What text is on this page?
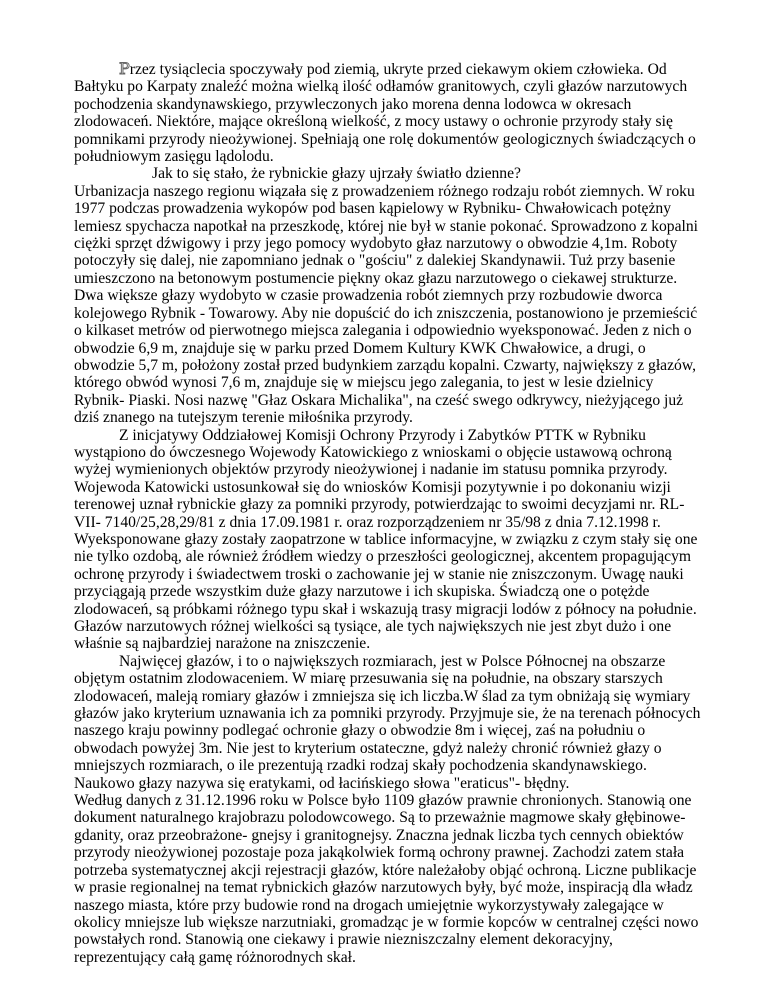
Przez tysiąclecia spoczywały pod ziemią, ukryte przed ciekawym okiem człowieka. Od Bałtyku po Karpaty znaleźć można wielką ilość odłamów granitowych, czyli głazów narzutowych pochodzenia skandynawskiego, przywleczonych jako morena denna lodowca w okresach zlodowaceń. Niektóre, mające określoną wielkość, z mocy ustawy o ochronie przyrody stały się pomnikami przyrody nieożywionej. Spełniają one rolę dokumentów geologicznych świadczących o południowym zasięgu lądolodu.

Jak to się stało, że rybnickie głazy ujrzały światło dzienne?

Urbanizacja naszego regionu wiązała się z prowadzeniem różnego rodzaju robót ziemnych. W roku 1977 podczas prowadzenia wykopów pod basen kąpielowy w Rybniku- Chwałowicach potężny lemiesz spychacza napotkał na przeszkodę, której nie był w stanie pokonać. Sprowadzono z kopalni ciężki sprzęt dźwigowy i przy jego pomocy wydobyto głaz narzutowy o obwodzie 4,1m. Roboty potoczyły się dalej, nie zapomniano jednak o "gościu" z dalekiej Skandynawii. Tuż przy basenie umieszczono na betonowym postumencie piękny okaz głazu narzutowego o ciekawej strukturze. Dwa większe głazy wydobyto w czasie prowadzenia robót ziemnych przy rozbudowie dworca kolejowego Rybnik - Towarowy. Aby nie dopuścić do ich zniszczenia, postanowiono je przemieścić o kilkaset metrów od pierwotnego miejsca zalegania i odpowiednio wyeksponować. Jeden z nich o obwodzie 6,9 m, znajduje się w parku przed Domem Kultury KWK Chwałowice, a drugi, o obwodzie 5,7 m, położony został przed budynkiem zarządu kopalni. Czwarty, największy z głazów, którego obwód wynosi 7,6 m, znajduje się w miejscu jego zalegania, to jest w lesie dzielnicy Rybnik- Piaski. Nosi nazwę "Głaz Oskara Michalika", na cześć swego odkrywcy, nieżyjącego już dziś znanego na tutejszym terenie miłośnika przyrody.

Z inicjatywy Oddziałowej Komisji Ochrony Przyrody i Zabytków PTTK w Rybniku wystąpiono do ówczesnego Wojewody Katowickiego z wnioskami o objęcie ustawową ochroną wyżej wymienionych objektów przyrody nieożywionej i nadanie im statusu pomnika przyrody. Wojewoda Katowicki ustosunkował się do wniosków Komisji pozytywnie i po dokonaniu wizji terenowej uznał rybnickie głazy za pomniki przyrody, potwierdzając to swoimi decyzjami nr. RL-VII- 7140/25,28,29/81 z dnia 17.09.1981 r. oraz rozporządzeniem nr 35/98 z dnia 7.12.1998 r. Wyeksponowane głazy zostały zaopatrzone w tablice informacyjne, w związku z czym stały się one nie tylko ozdobą, ale również źródłem wiedzy o przeszłości geologicznej, akcentem propagującym ochronę przyrody i świadectwem troski o zachowanie jej w stanie nie zniszczonym. Uwagę nauki przyciągają przede wszystkim duże głazy narzutowe i ich skupiska. Świadczą one o potężde zlodowaceń, są próbkami różnego typu skał i wskazują trasy migracji lodów z północy na południe. Głazów narzutowych różnej wielkości są tysiące, ale tych największych nie jest zbyt dużo i one właśnie są najbardziej narażone na zniszczenie.

Najwięcej głazów, i to o największych rozmiarach, jest w Polsce Północnej na obszarze objętym ostatnim zlodowaceniem. W miarę przesuwania się na południe, na obszary starszych zlodowaceń, maleją romiary głazów i zmniejsza się ich liczba.W ślad za tym obniżają się wymiary głazów jako kryterium uznawania ich za pomniki przyrody. Przyjmuje sie, że na terenach północych naszego kraju powinny podlegać ochronie głazy o obwodzie 8m i więcej, zaś na południu o obwodach powyżej 3m. Nie jest to kryterium ostateczne, gdyż należy chronić również głazy o mniejszych rozmiarach, o ile prezentują rzadki rodzaj skały pochodzenia skandynawskiego. Naukowo głazy nazywa się eratykami, od łacińskiego słowa "eraticus"- błędny.

Według danych z 31.12.1996 roku w Polsce było 1109 głazów prawnie chronionych. Stanowią one dokument naturalnego krajobrazu polodowcowego. Są to przeważnie magmowe skały głębinowe- gdanity, oraz przeobrażone- gnejsy i granitognejsy. Znaczna jednak liczba tych cennych obiektów przyrody nieożywionej pozostaje poza jakąkolwiek formą ochrony prawnej. Zachodzi zatem stała potrzeba systematycznej akcji rejestracji głazów, które należałoby objąć ochroną. Liczne publikacje w prasie regionalnej na temat rybnickich głazów narzutowych były, być może, inspiracją dla władz naszego miasta, które przy budowie rond na drogach umiejętnie wykorzystywały zalegające w okolicy mniejsze lub większe narzutniaki, gromadząc je w formie kopców w centralnej części nowo powstałych rond. Stanowią one ciekawy i prawie niezniszczalny element dekoracyjny, reprezentujący całą gamę różnorodnych skał.
